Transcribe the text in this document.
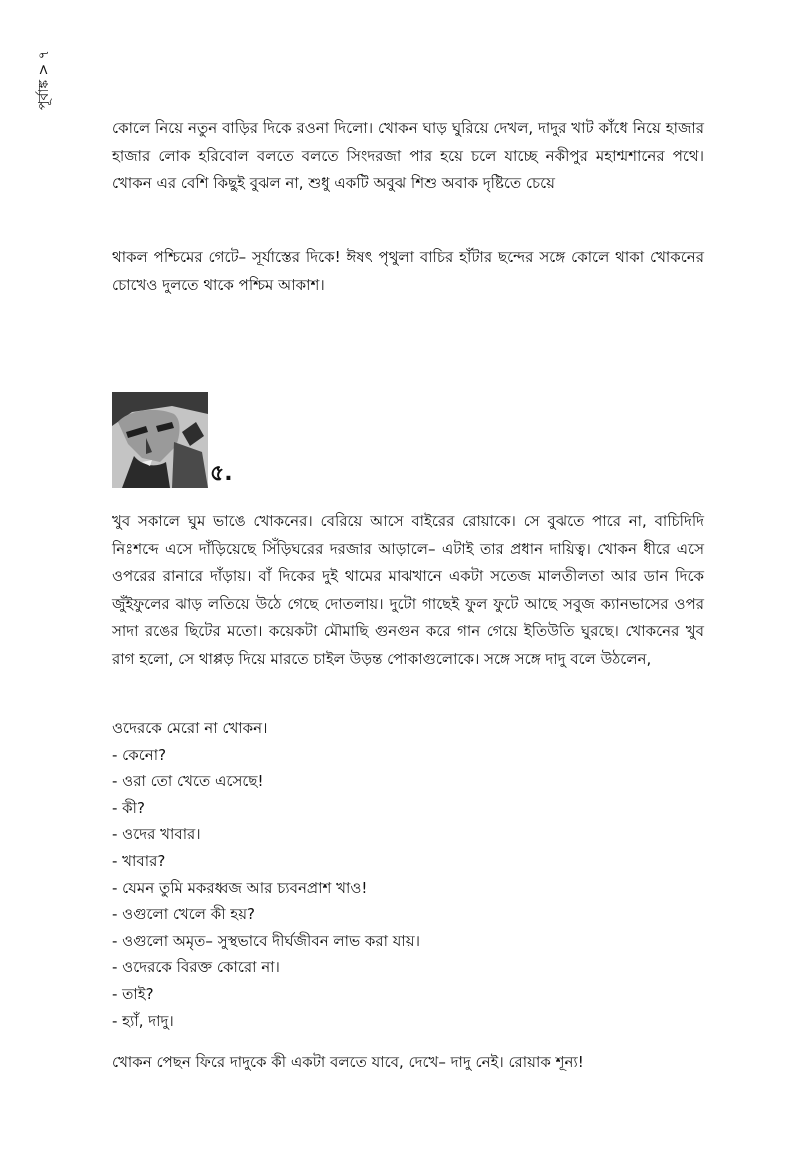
পূর্বাঙ্ক > ৭

কোলে নিয়ে নতুন বাড়ির দিকে রওনা দিলো। খোকন ঘাড় ঘুরিয়ে দেখল, দাদুর খাট কাঁধে নিয়ে হাজার হাজার লোক হরিবোল বলতে বলতে সিংদরজা পার হয়ে চলে যাচ্ছে নকীপুর মহাশ্মশানের পথে। খোকন এর বেশি কিছুই বুঝল না, শুধু একটি অবুঝ শিশু অবাক দৃষ্টিতে চেয়ে

থাকল পশ্চিমের গেটে– সূর্যাস্তের দিকে! ঈষৎ পৃথুলা বাচির হাঁটার ছন্দের সঙ্গে কোলে থাকা খোকনের চোখেও দুলতে থাকে পশ্চিম আকাশ।

৫.

খুব সকালে ঘুম ভাঙে খোকনের। বেরিয়ে আসে বাইরের রোয়াকে। সে বুঝতে পারে না, বাচিদিদি নিঃশব্দে এসে দাঁড়িয়েছে সিঁড়িঘরের দরজার আড়ালে– এটাই তার প্রধান দায়িত্ব। খোকন ধীরে এসে ওপরের রানারে দাঁড়ায়। বাঁ দিকের দুই থামের মাঝখানে একটা সতেজ মালতীলতা আর ডান দিকে জুঁইফুলের ঝাড় লতিয়ে উঠে গেছে দোতলায়। দুটো গাছেই ফুল ফুটে আছে সবুজ ক্যানভাসের ওপর সাদা রঙের ছিটের মতো। কয়েকটা মৌমাছি গুনগুন করে গান গেয়ে ইতিউতি ঘুরছে। খোকনের খুব রাগ হলো, সে থাপ্পড় দিয়ে মারতে চাইল উড়ন্ত পোকাগুলোকে। সঙ্গে সঙ্গে দাদু বলে উঠলেন,

ওদেরকে মেরো না খোকন।
- কেনো?
- ওরা তো খেতে এসেছে!
- কী?
- ওদের খাবার।
- খাবার?
- যেমন তুমি মকরধ্বজ আর চ্যবনপ্রাশ খাও!
- ওগুলো খেলে কী হয়?
- ওগুলো অমৃত– সুস্থভাবে দীর্ঘজীবন লাভ করা যায়।
- ওদেরকে বিরক্ত কোরো না।
- তাই?
- হ্যাঁ, দাদু।

খোকন পেছন ফিরে দাদুকে কী একটা বলতে যাবে, দেখে– দাদু নেই। রোয়াক শূন্য!
